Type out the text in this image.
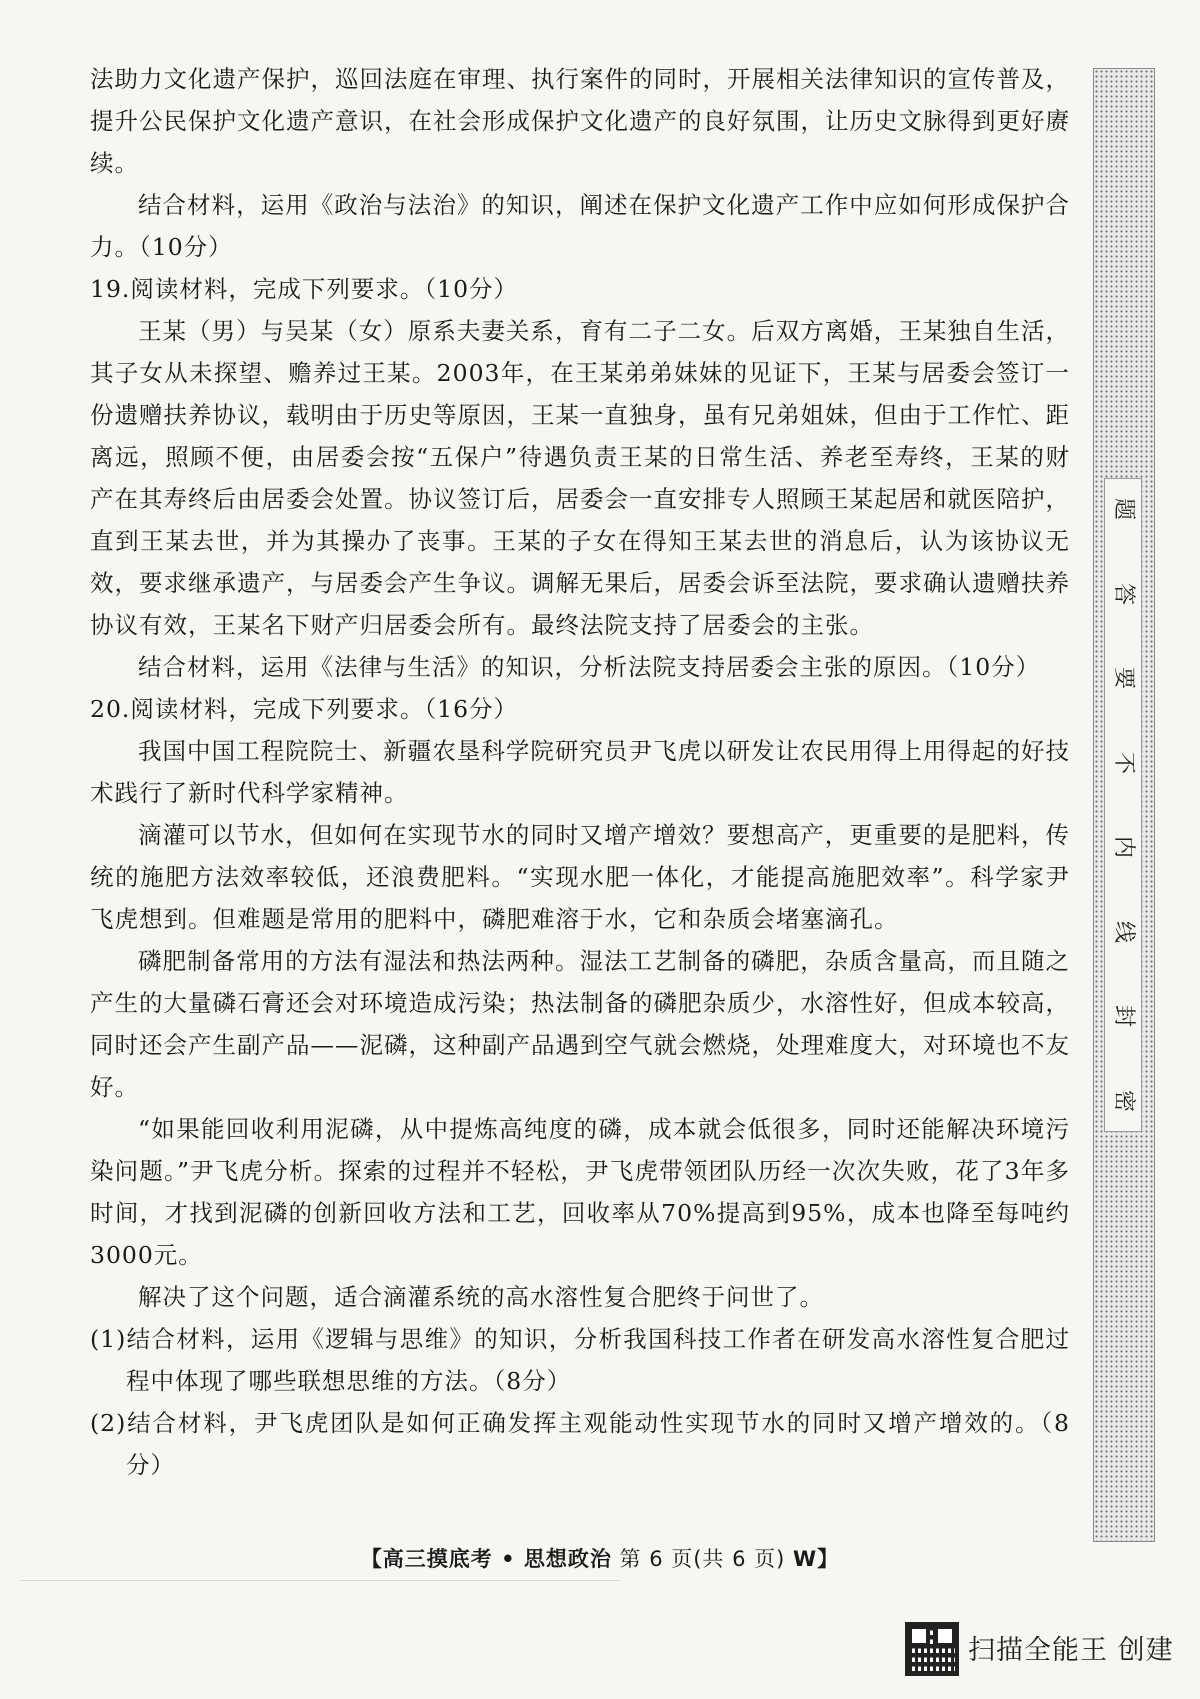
法助力文化遗产保护，巡回法庭在审理、执行案件的同时，开展相关法律知识的宣传普及，提升公民保护文化遗产意识，在社会形成保护文化遗产的良好氛围，让历史文脉得到更好赓续。

结合材料，运用《政治与法治》的知识，阐述在保护文化遗产工作中应如何形成保护合力。（10分）

19.阅读材料，完成下列要求。（10分）

王某（男）与吴某（女）原系夫妻关系，育有二子二女。后双方离婚，王某独自生活，其子女从未探望、赡养过王某。2003年，在王某弟弟妹妹的见证下，王某与居委会签订一份遗赠扶养协议，载明由于历史等原因，王某一直独身，虽有兄弟姐妹，但由于工作忙、距离远，照顾不便，由居委会按“五保户”待遇负责王某的日常生活、养老至寿终，王某的财产在其寿终后由居委会处置。协议签订后，居委会一直安排专人照顾王某起居和就医陪护，直到王某去世，并为其操办了丧事。王某的子女在得知王某去世的消息后，认为该协议无效，要求继承遗产，与居委会产生争议。调解无果后，居委会诉至法院，要求确认遗赠扶养协议有效，王某名下财产归居委会所有。最终法院支持了居委会的主张。

结合材料，运用《法律与生活》的知识，分析法院支持居委会主张的原因。（10分）

20.阅读材料，完成下列要求。（16分）

我国中国工程院院士、新疆农垦科学院研究员尹飞虎以研发让农民用得上用得起的好技术践行了新时代科学家精神。

滴灌可以节水，但如何在实现节水的同时又增产增效？要想高产，更重要的是肥料，传统的施肥方法效率较低，还浪费肥料。“实现水肥一体化，才能提高施肥效率”。科学家尹飞虎想到。但难题是常用的肥料中，磷肥难溶于水，它和杂质会堵塞滴孔。

磷肥制备常用的方法有湿法和热法两种。湿法工艺制备的磷肥，杂质含量高，而且随之产生的大量磷石膏还会对环境造成污染；热法制备的磷肥杂质少，水溶性好，但成本较高，同时还会产生副产品——泥磷，这种副产品遇到空气就会燃烧，处理难度大，对环境也不友好。

“如果能回收利用泥磷，从中提炼高纯度的磷，成本就会低很多，同时还能解决环境污染问题。”尹飞虎分析。探索的过程并不轻松，尹飞虎带领团队历经一次次失败，花了3年多时间，才找到泥磷的创新回收方法和工艺，回收率从70%提高到95%，成本也降至每吨约3000元。

解决了这个问题，适合滴灌系统的高水溶性复合肥终于问世了。

(1)结合材料，运用《逻辑与思维》的知识，分析我国科技工作者在研发高水溶性复合肥过程中体现了哪些联想思维的方法。（8分）

(2)结合材料，尹飞虎团队是如何正确发挥主观能动性实现节水的同时又增产增效的。（8分）

题
答
要
不
内
线
封
密
【高三摸底考 • 思想政治 第 6 页(共 6 页) W】
扫描全能王 创建
